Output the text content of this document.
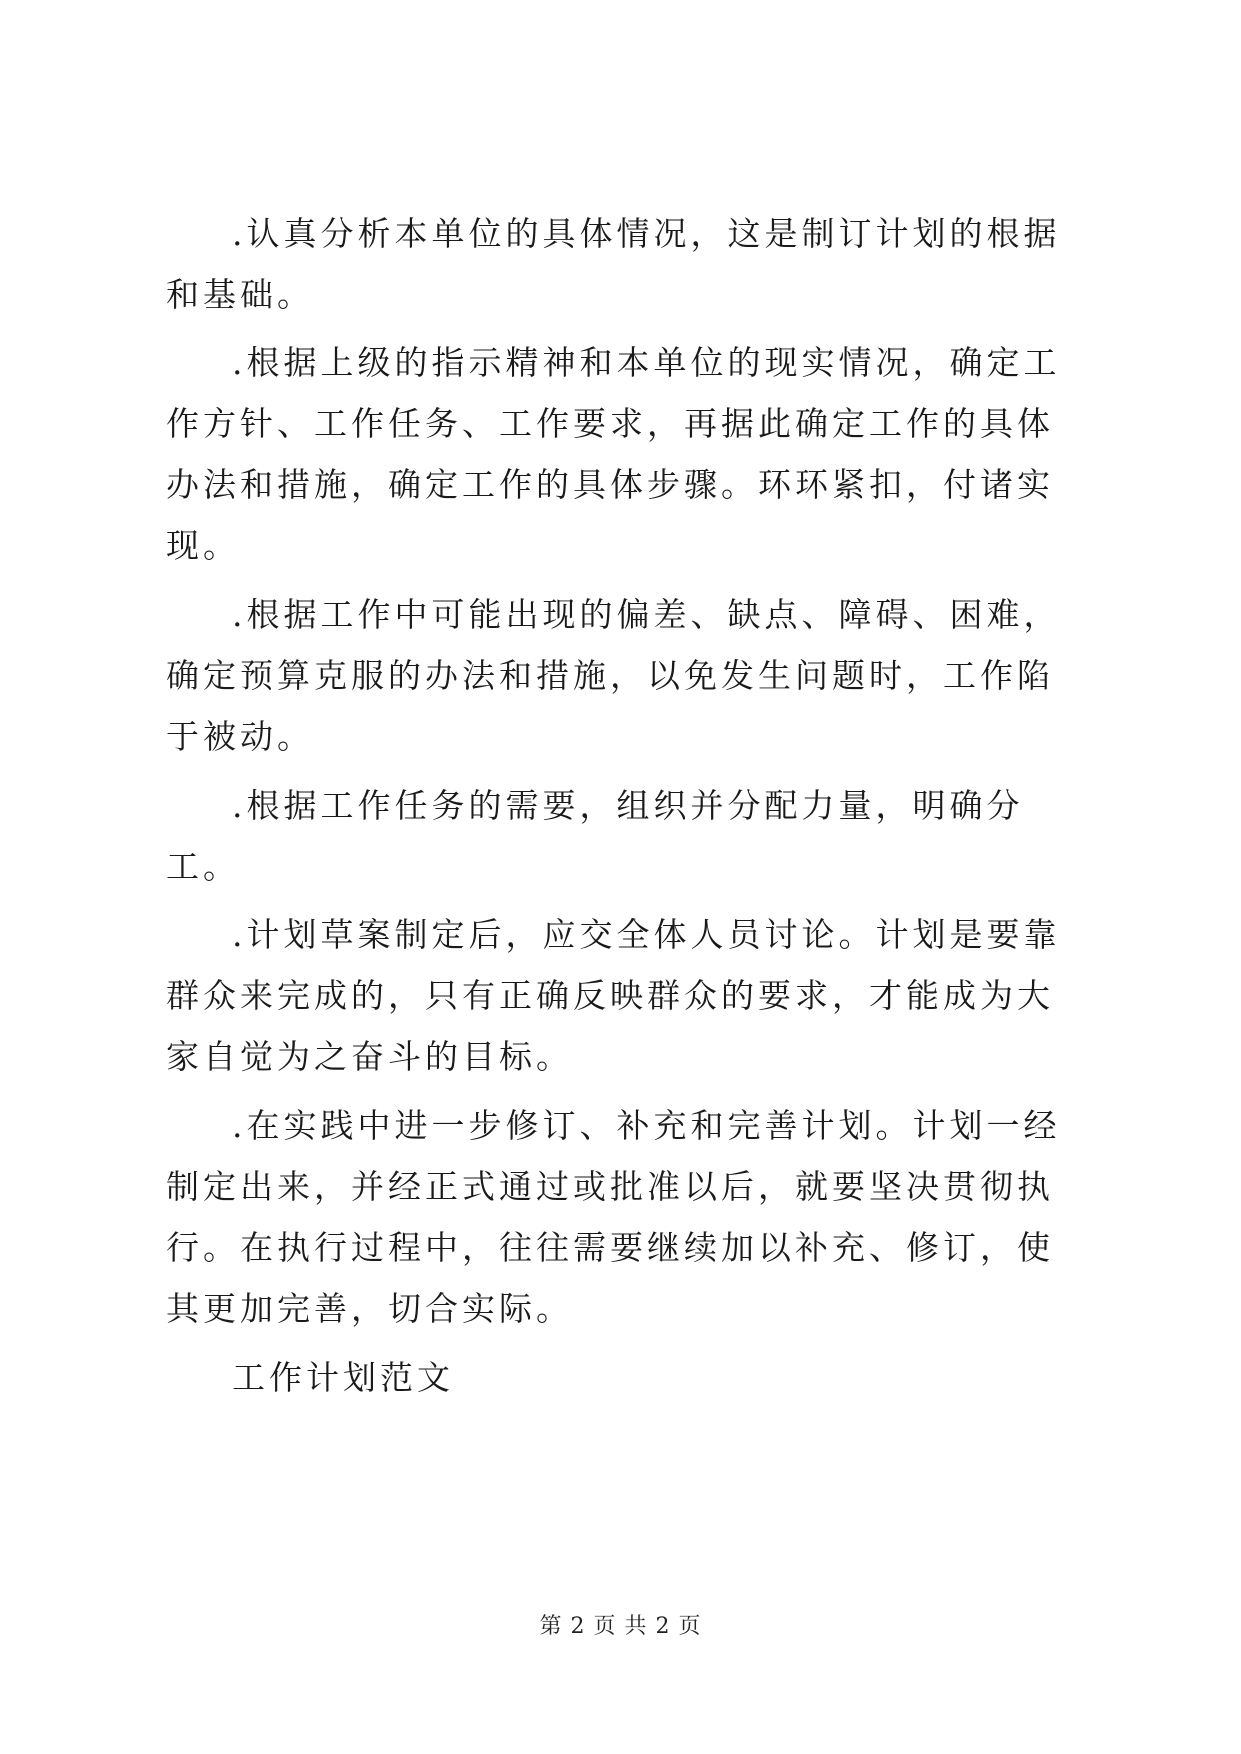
.认真分析本单位的具体情况，这是制订计划的根据和基础。

.根据上级的指示精神和本单位的现实情况，确定工作方针、工作任务、工作要求，再据此确定工作的具体办法和措施，确定工作的具体步骤。环环紧扣，付诸实现。

.根据工作中可能出现的偏差、缺点、障碍、困难，确定预算克服的办法和措施，以免发生问题时，工作陷于被动。

.根据工作任务的需要，组织并分配力量，明确分工。

.计划草案制定后，应交全体人员讨论。计划是要靠群众来完成的，只有正确反映群众的要求，才能成为大家自觉为之奋斗的目标。

.在实践中进一步修订、补充和完善计划。计划一经制定出来，并经正式通过或批准以后，就要坚决贯彻执行。在执行过程中，往往需要继续加以补充、修订，使其更加完善，切合实际。

工作计划范文

第 2 页 共 2 页
